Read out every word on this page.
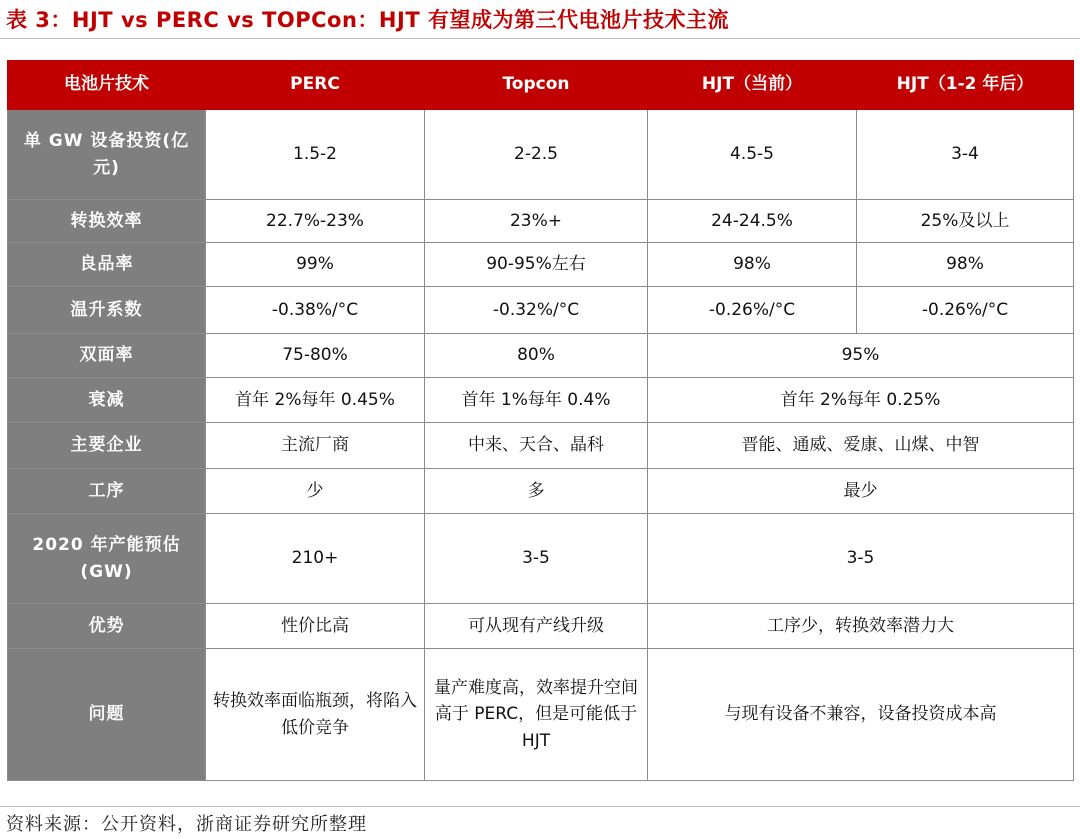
表 3：HJT vs PERC vs TOPCon：HJT 有望成为第三代电池片技术主流
电池片技术	PERC	Topcon	HJT（当前）	HJT（1-2 年后）
单 GW 设备投资(亿元)	1.5-2	2-2.5	4.5-5	3-4
转换效率	22.7%-23%	23%+	24-24.5%	25%及以上
良品率	99%	90-95%左右	98%	98%
温升系数	-0.38%/°C	-0.32%/°C	-0.26%/°C	-0.26%/°C
双面率	75-80%	80%	95%	
衰减	首年 2%每年 0.45%	首年 1%每年 0.4%	首年 2%每年 0.25%	
主要企业	主流厂商	中来、天合、晶科	晋能、通威、爱康、山煤、中智	
工序	少	多	最少	
2020 年产能预估(GW)	210+	3-5	3-5	
优势	性价比高	可从现有产线升级	工序少，转换效率潜力大	
问题	转换效率面临瓶颈，将陷入低价竞争	量产难度高，效率提升空间高于 PERC，但是可能低于 HJT	与现有设备不兼容，设备投资成本高	
资料来源：公开资料，浙商证券研究所整理
